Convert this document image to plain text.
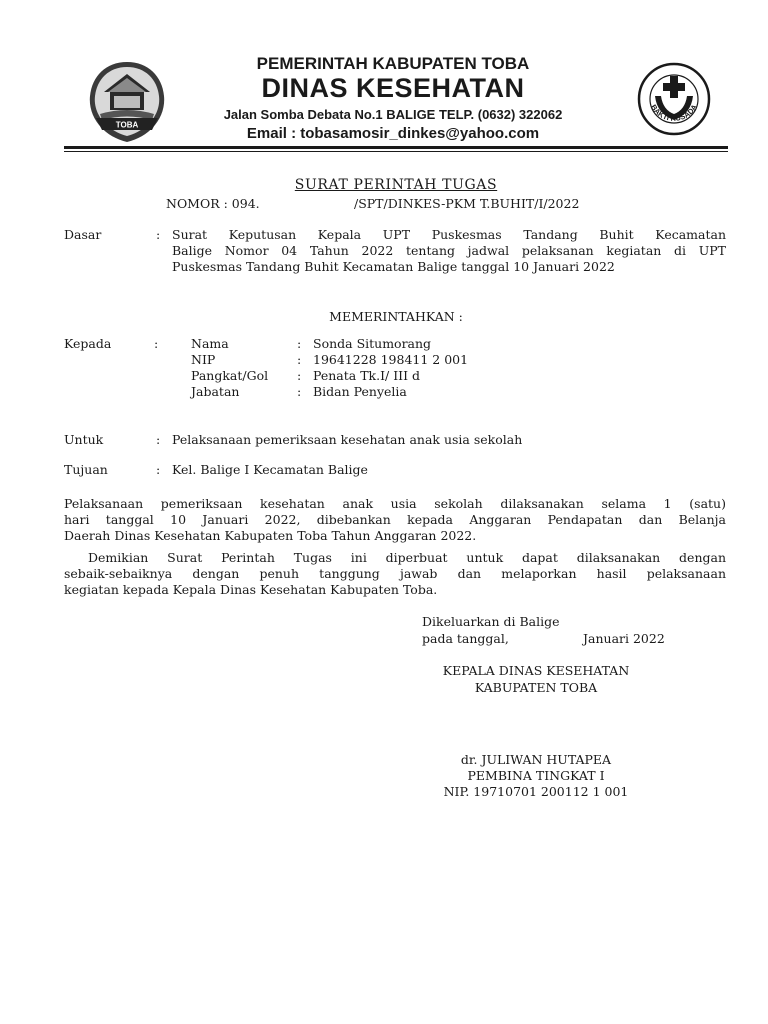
TOBA
BAKTI HUSADA
PEMERINTAH KABUPATEN TOBA
DINAS KESEHATAN
Jalan Somba Debata No.1 BALIGE TELP. (0632) 322062
Email : tobasamosir_dinkes@yahoo.com
SURAT PERINTAH TUGAS
NOMOR : 094.	/SPT/DINKES-PKM T.BUHIT/I/2022
Dasar	: Surat Keputusan Kepala UPT Puskesmas Tandang Buhit Kecamatan
Balige Nomor 04 Tahun 2022 tentang jadwal pelaksanan kegiatan di UPT
Puskesmas Tandang Buhit Kecamatan Balige tanggal 10 Januari 2022
MEMERINTAHKAN :
Kepada	:	Nama	: Sonda Situmorang
NIP	: 19641228 198411 2 001
Pangkat/Gol : Penata Tk.I/ III d
Jabatan	: Bidan Penyelia
Untuk	: Pelaksanaan pemeriksaan kesehatan anak usia sekolah
Tujuan	: Kel. Balige I Kecamatan Balige
Pelaksanaan pemeriksaan kesehatan anak usia sekolah dilaksanakan selama 1 (satu)
hari tanggal 10 Januari 2022, dibebankan kepada Anggaran Pendapatan dan Belanja
Daerah Dinas Kesehatan Kabupaten Toba Tahun Anggaran 2022.
Demikian Surat Perintah Tugas ini diperbuat untuk dapat dilaksanakan dengan
sebaik-sebaiknya dengan penuh tanggung jawab dan melaporkan hasil pelaksanaan
kegiatan kepada Kepala Dinas Kesehatan Kabupaten Toba.
Dikeluarkan di Balige
pada tanggal,	Januari 2022
KEPALA DINAS KESEHATAN
KABUPATEN TOBA
dr. JULIWAN HUTAPEA
PEMBINA TINGKAT I
NIP. 19710701 200112 1 001
